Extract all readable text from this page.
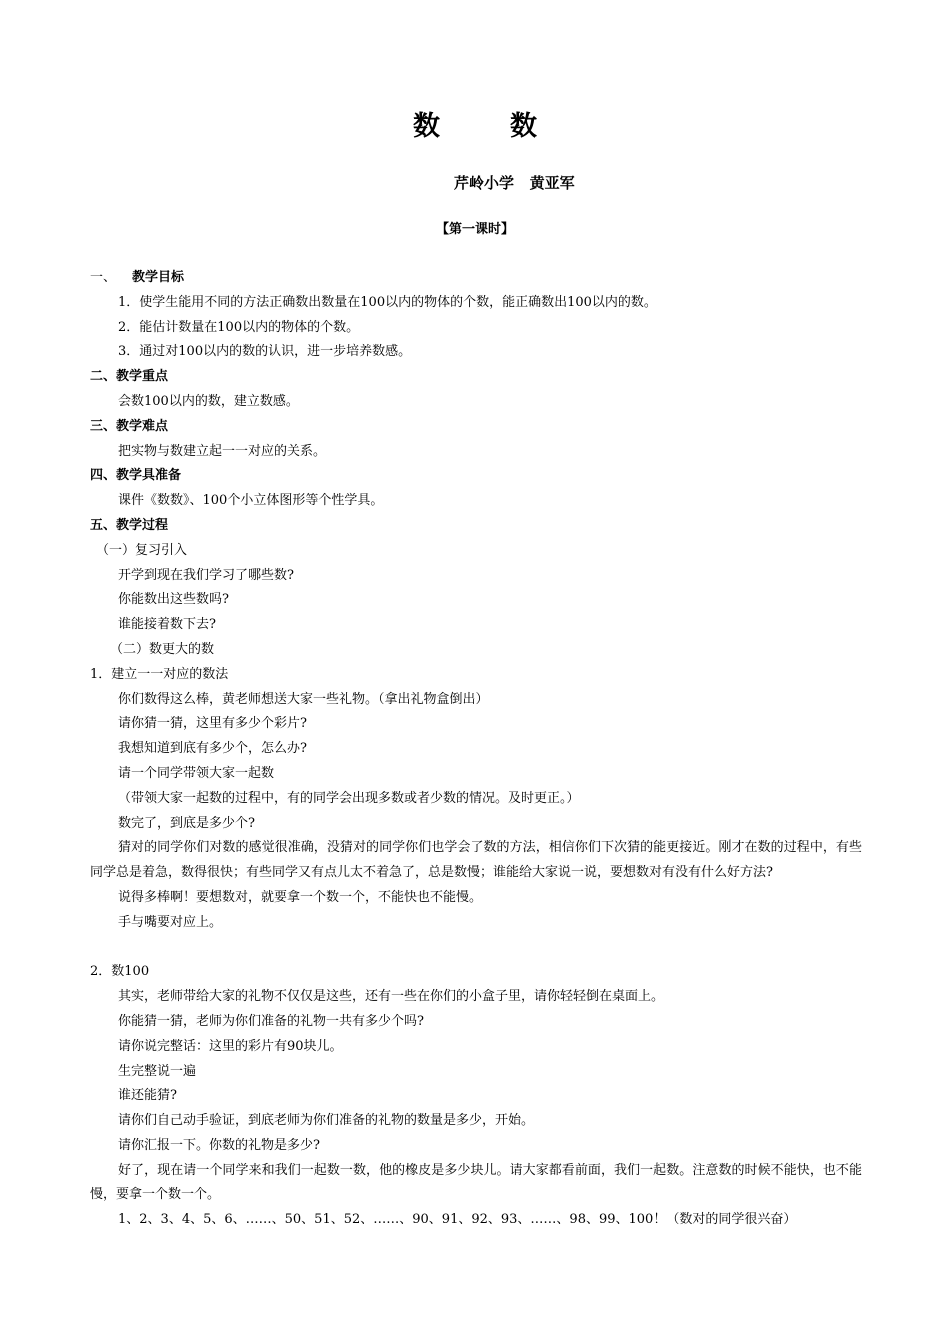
数数
芹岭小学   黄亚军
【第一课时】
一、 教学目标
1．使学生能用不同的方法正确数出数量在100以内的物体的个数，能正确数出100以内的数。
2．能估计数量在100以内的物体的个数。
3．通过对100以内的数的认识，进一步培养数感。
二、教学重点
会数100以内的数，建立数感。
三、教学难点
把实物与数建立起一一对应的关系。
四、教学具准备
课件《数数》、100个小立体图形等个性学具。
五、教学过程
（一）复习引入
开学到现在我们学习了哪些数?
你能数出这些数吗?
谁能接着数下去?
（二）数更大的数
1．建立一一对应的数法
你们数得这么棒，黄老师想送大家一些礼物。（拿出礼物盒倒出）
请你猜一猜，这里有多少个彩片?
我想知道到底有多少个，怎么办?
请一个同学带领大家一起数
（带领大家一起数的过程中，有的同学会出现多数或者少数的情况。及时更正。）
数完了，到底是多少个?
猜对的同学你们对数的感觉很准确，没猜对的同学你们也学会了数的方法，相信你们下次猜的能更接近。刚才在数的过程中，有些同学总是着急，数得很快；有些同学又有点儿太不着急了，总是数慢；谁能给大家说一说，要想数对有没有什么好方法?
说得多棒啊！要想数对，就要拿一个数一个，不能快也不能慢。
手与嘴要对应上。
2．数100
其实，老师带给大家的礼物不仅仅是这些，还有一些在你们的小盒子里，请你轻轻倒在桌面上。
你能猜一猜，老师为你们准备的礼物一共有多少个吗?
请你说完整话：这里的彩片有90块儿。
生完整说一遍
谁还能猜?
请你们自己动手验证，到底老师为你们准备的礼物的数量是多少，开始。
请你汇报一下。你数的礼物是多少?
好了，现在请一个同学来和我们一起数一数，他的橡皮是多少块儿。请大家都看前面，我们一起数。注意数的时候不能快，也不能慢，要拿一个数一个。
1、2、3、4、5、6、……、50、51、52、……、90、91、92、93、……、98、99、100！（数对的同学很兴奋）
